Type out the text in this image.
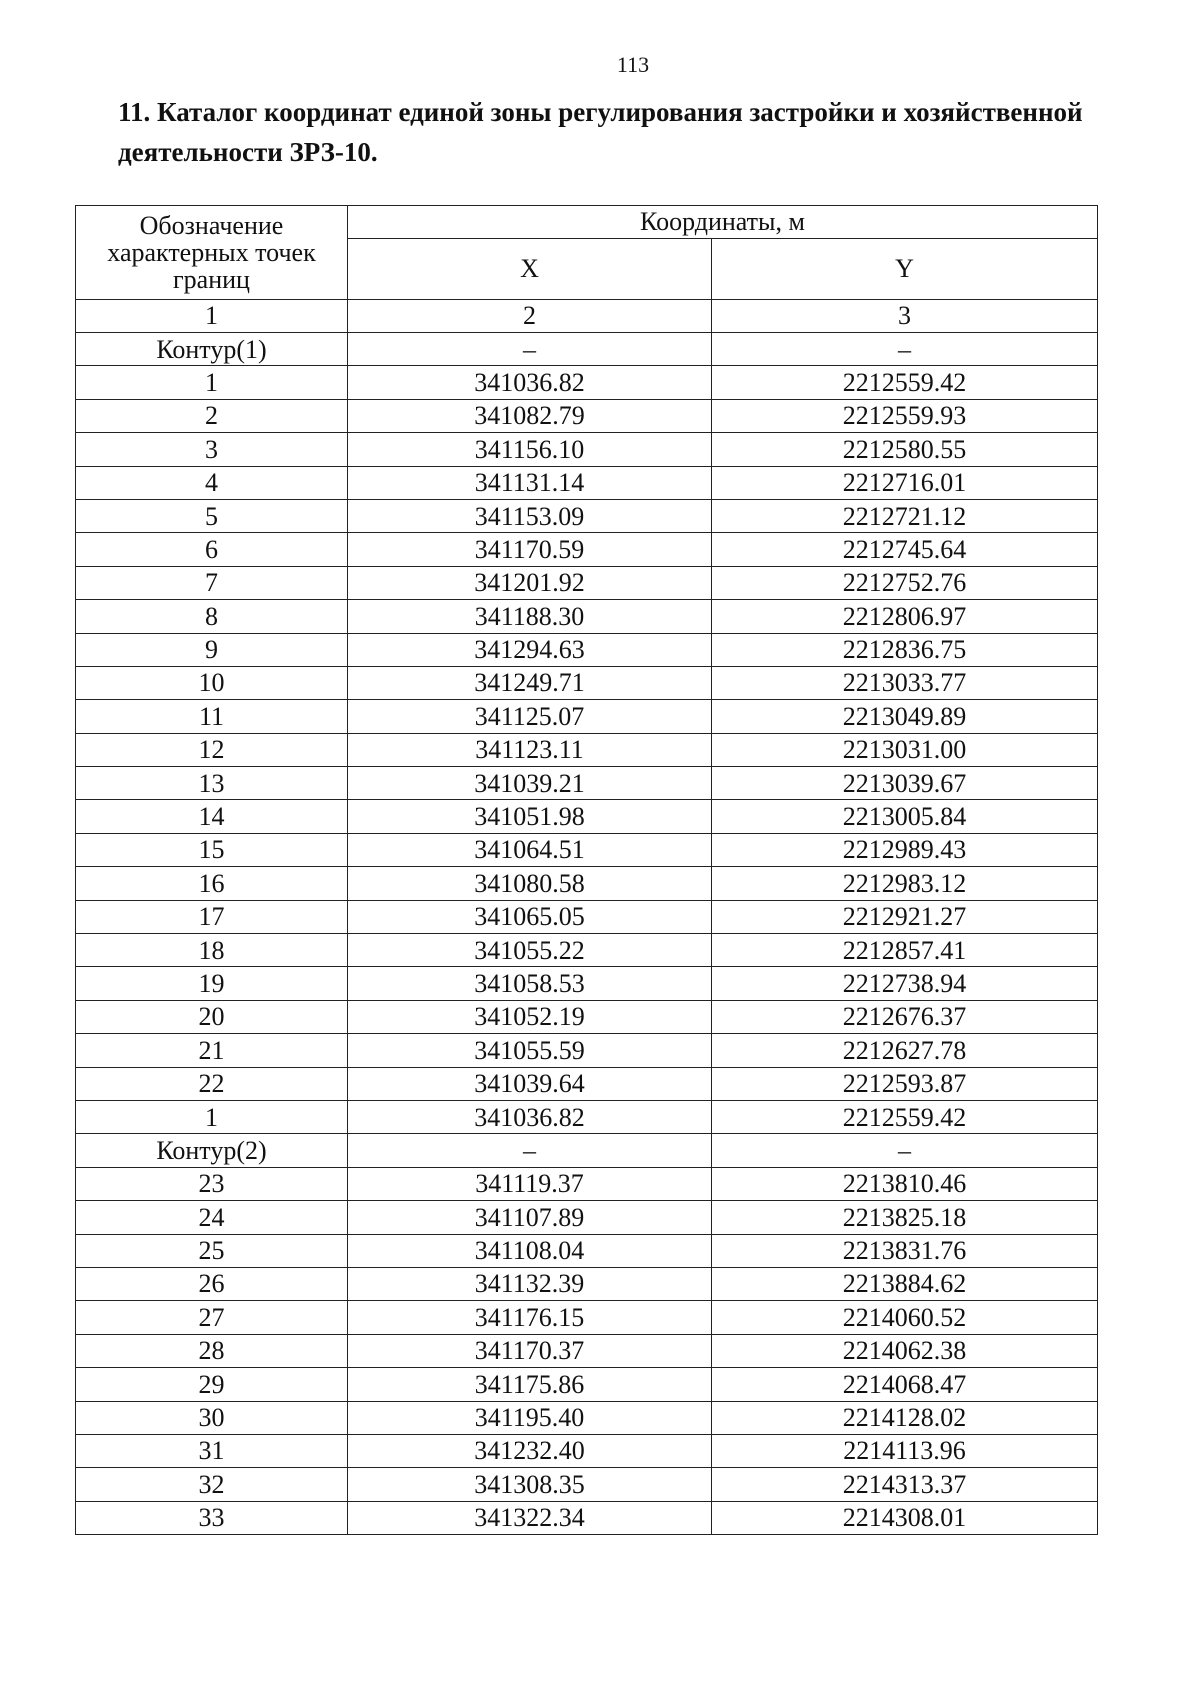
113
11. Каталог координат единой зоны регулирования застройки и хозяйственной деятельности ЗРЗ-10.
Обозначение характерных точек границ	Координаты, м	
	X	Y
1	2	3
Контур(1)	–	–
1	341036.82	2212559.42
2	341082.79	2212559.93
3	341156.10	2212580.55
4	341131.14	2212716.01
5	341153.09	2212721.12
6	341170.59	2212745.64
7	341201.92	2212752.76
8	341188.30	2212806.97
9	341294.63	2212836.75
10	341249.71	2213033.77
11	341125.07	2213049.89
12	341123.11	2213031.00
13	341039.21	2213039.67
14	341051.98	2213005.84
15	341064.51	2212989.43
16	341080.58	2212983.12
17	341065.05	2212921.27
18	341055.22	2212857.41
19	341058.53	2212738.94
20	341052.19	2212676.37
21	341055.59	2212627.78
22	341039.64	2212593.87
1	341036.82	2212559.42
Контур(2)	–	–
23	341119.37	2213810.46
24	341107.89	2213825.18
25	341108.04	2213831.76
26	341132.39	2213884.62
27	341176.15	2214060.52
28	341170.37	2214062.38
29	341175.86	2214068.47
30	341195.40	2214128.02
31	341232.40	2214113.96
32	341308.35	2214313.37
33	341322.34	2214308.01
